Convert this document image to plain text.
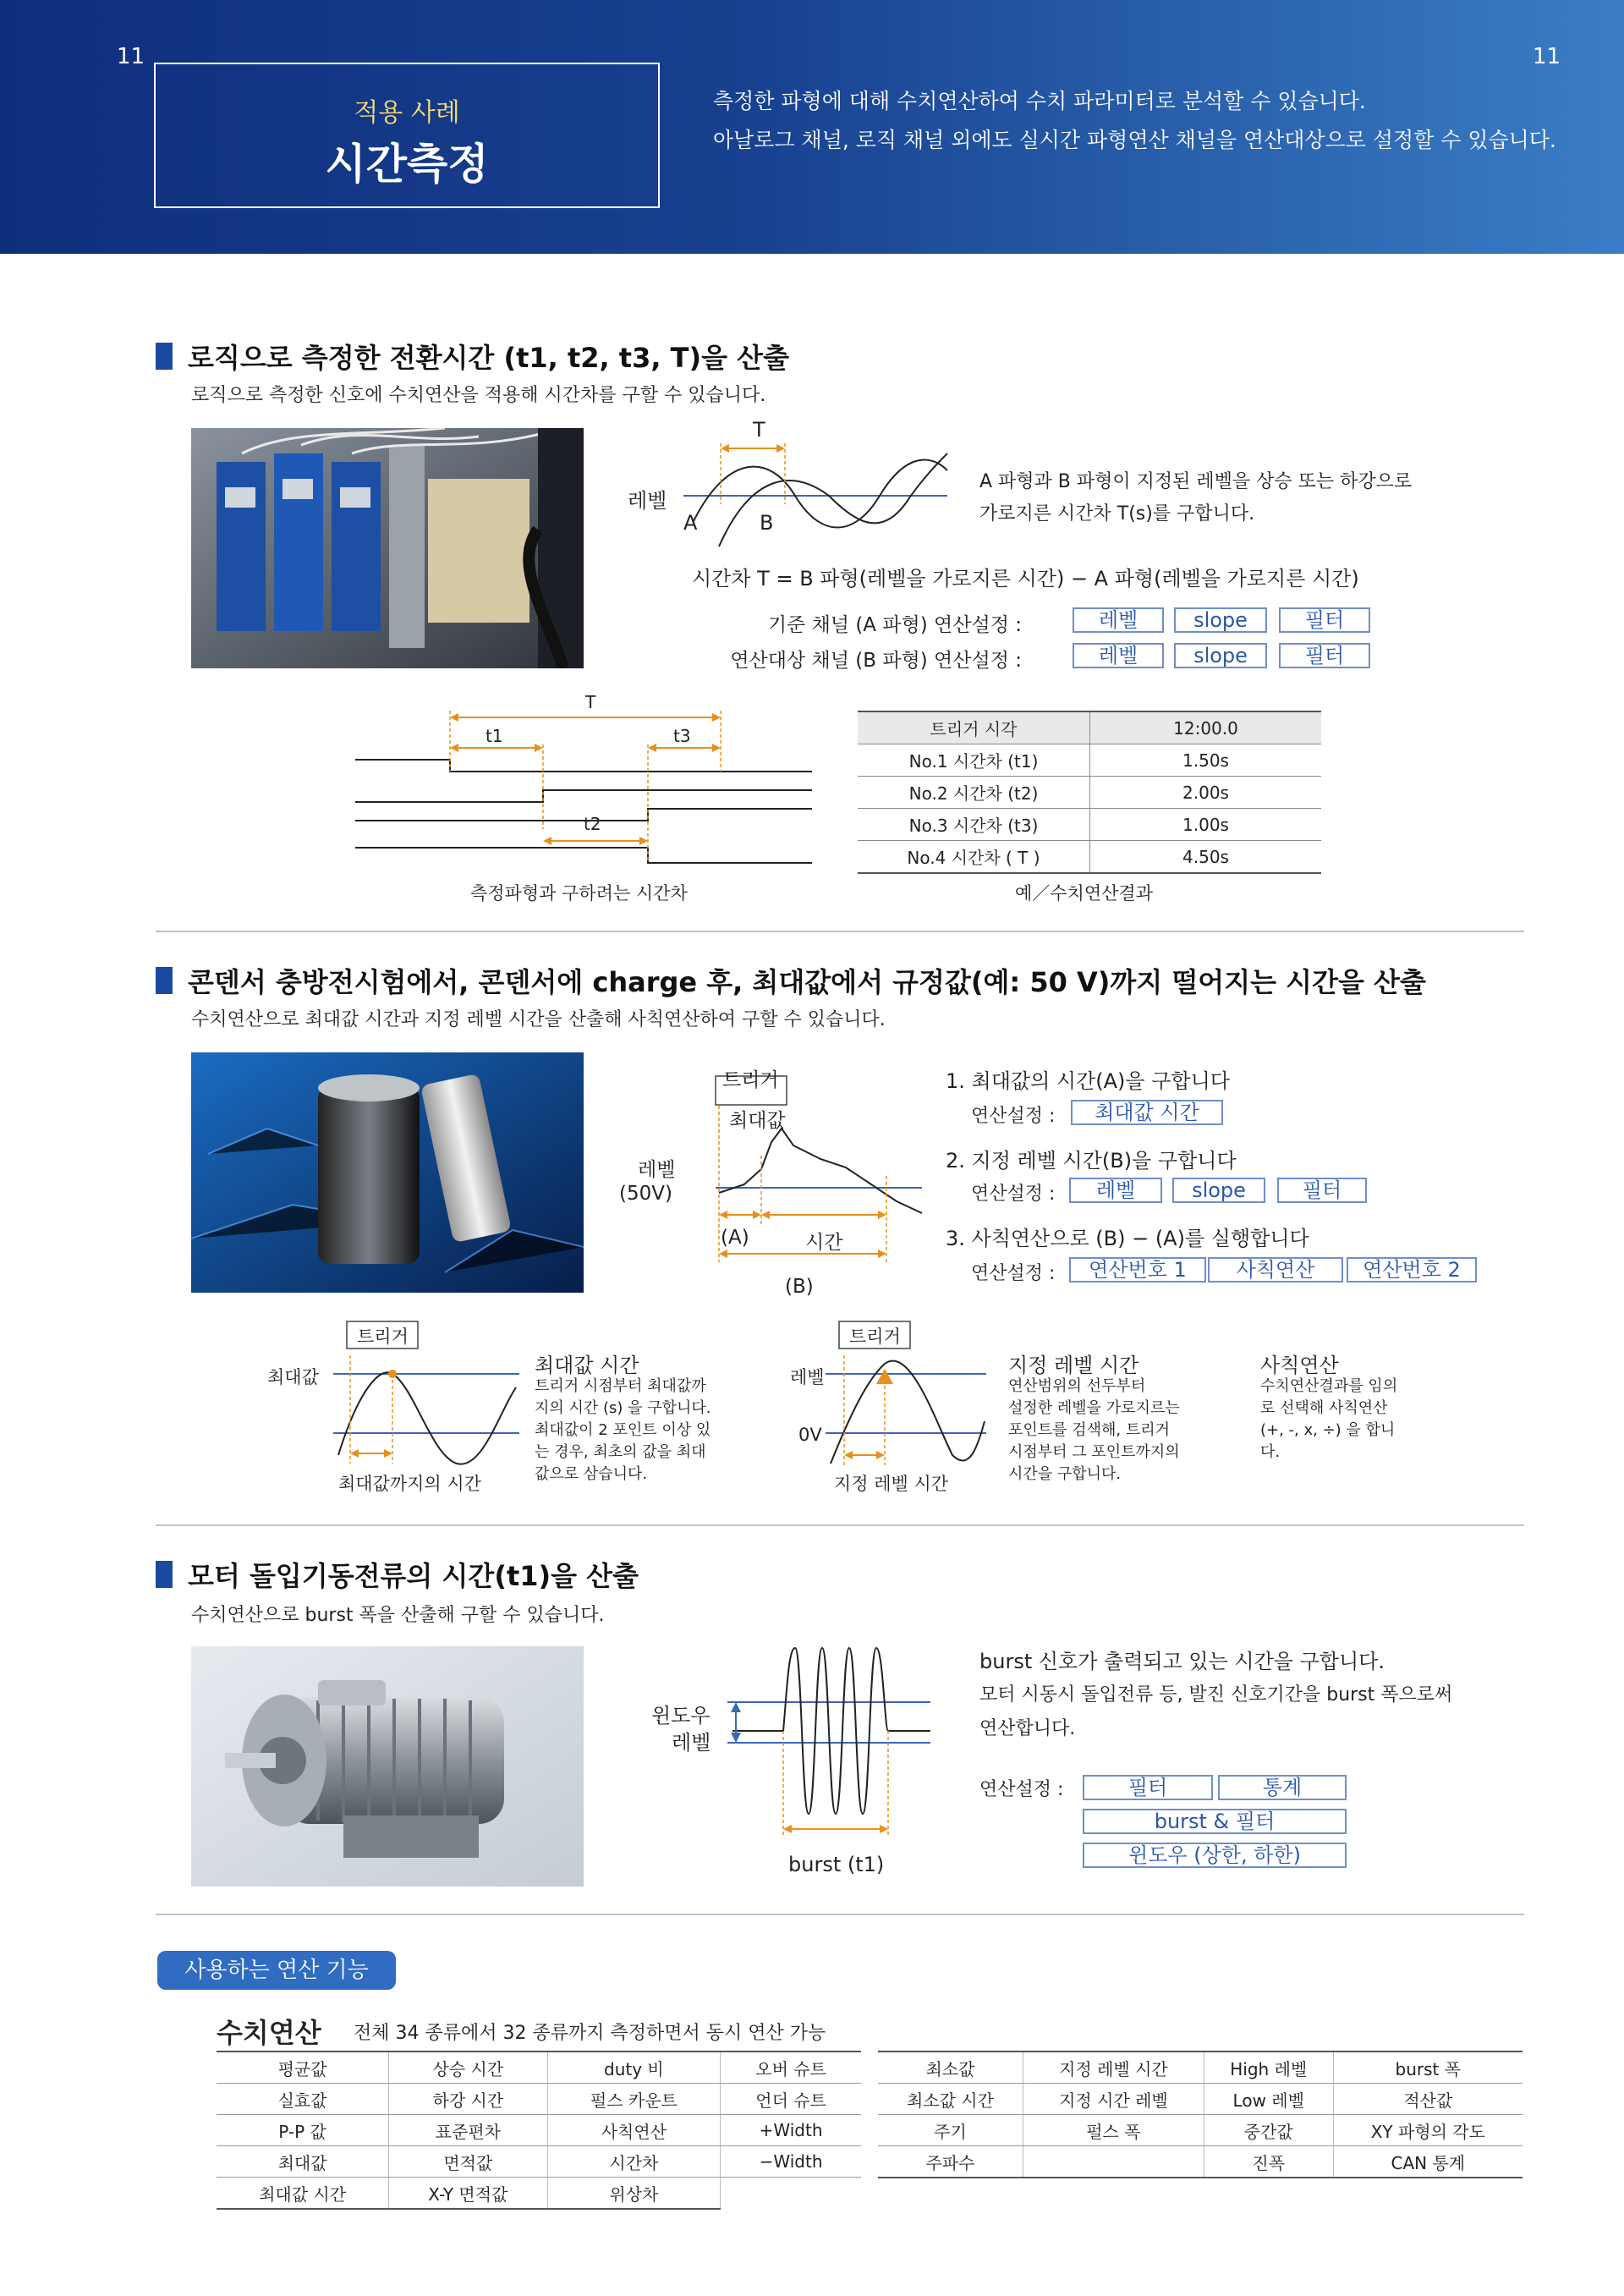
11	11
적용 사례
시간측정
측정한 파형에 대해 수치연산하여 수치 파라미터로 분석할 수 있습니다.
아날로그 채널, 로직 채널 외에도 실시간 파형연산 채널을 연산대상으로 설정할 수 있습니다.
로직으로 측정한 전환시간 (t1, t2, t3, T)을 산출
로직으로 측정한 신호에 수치연산을 적용해 시간차를 구할 수 있습니다.
T
레벨
A	B
A 파형과 B 파형이 지정된 레벨을 상승 또는 하강으로
가로지른 시간차 T(s)를 구합니다.
시간차 T = B 파형(레벨을 가로지른 시간) − A 파형(레벨을 가로지른 시간)
기준 채널 (A 파형) 연산설정 :
연산대상 채널 (B 파형) 연산설정 :
레벨	slope	필터
레벨	slope	필터
T
t1	t3
t2
측정파형과 구하려는 시간차
트리거 시각	12:00.0
No.1 시간차 (t1)	1.50s
No.2 시간차 (t2)	2.00s
No.3 시간차 (t3)	1.00s
No.4 시간차 ( T )	4.50s
예／수치연산결과
콘덴서 충방전시험에서, 콘덴서에 charge 후, 최대값에서 규정값(예: 50 V)까지 떨어지는 시간을 산출
수치연산으로 최대값 시간과 지정 레벨 시간을 산출해 사칙연산하여 구할 수 있습니다.
트리거
최대값
레벨
(50V)
(A)	시간
(B)
1. 최대값의 시간(A)을 구합니다
연산설정 :	최대값 시간
2. 지정 레벨 시간(B)을 구합니다
연산설정 :	레벨	slope	필터
3. 사칙연산으로 (B) − (A)를 실행합니다
연산설정 :	연산번호 1	사칙연산	연산번호 2
트리거
최대값
최대값까지의 시간
최대값 시간
트리거 시점부터 최대값까
지의 시간 (s) 을 구합니다.
최대값이 2 포인트 이상 있
는 경우, 최초의 값을 최대
값으로 삼습니다.
트리거
레벨
0V
지정 레벨 시간
지정 레벨 시간
연산범위의 선두부터
설정한 레벨을 가로지르는
포인트를 검색해, 트리거
시점부터 그 포인트까지의
시간을 구합니다.
사칙연산
수치연산결과를 임의
로 선택해 사칙연산
(+, -, x, ÷) 을 합니
다.
모터 돌입기동전류의 시간(t1)을 산출
수치연산으로 burst 폭을 산출해 구할 수 있습니다.
윈도우
레벨
burst (t1)
burst 신호가 출력되고 있는 시간을 구합니다.
모터 시동시 돌입전류 등, 발진 신호기간을 burst 폭으로써
연산합니다.
연산설정 :	필터	통계
burst & 필터
윈도우 (상한, 하한)
사용하는 연산 기능
수치연산 전체 34 종류에서 32 종류까지 측정하면서 동시 연산 가능
평균값	상승 시간	duty 비	오버 슈트
실효값	하강 시간	펄스 카운트	언더 슈트
P-P 값	표준편차	사칙연산	+Width
최대값	면적값	시간차	−Width
최대값 시간	X-Y 면적값	위상차	
최소값	지정 레벨 시간	High 레벨	burst 폭
최소값 시간	지정 시간 레벨	Low 레벨	적산값
주기	펄스 폭	중간값	XY 파형의 각도
주파수		진폭	CAN 통계
